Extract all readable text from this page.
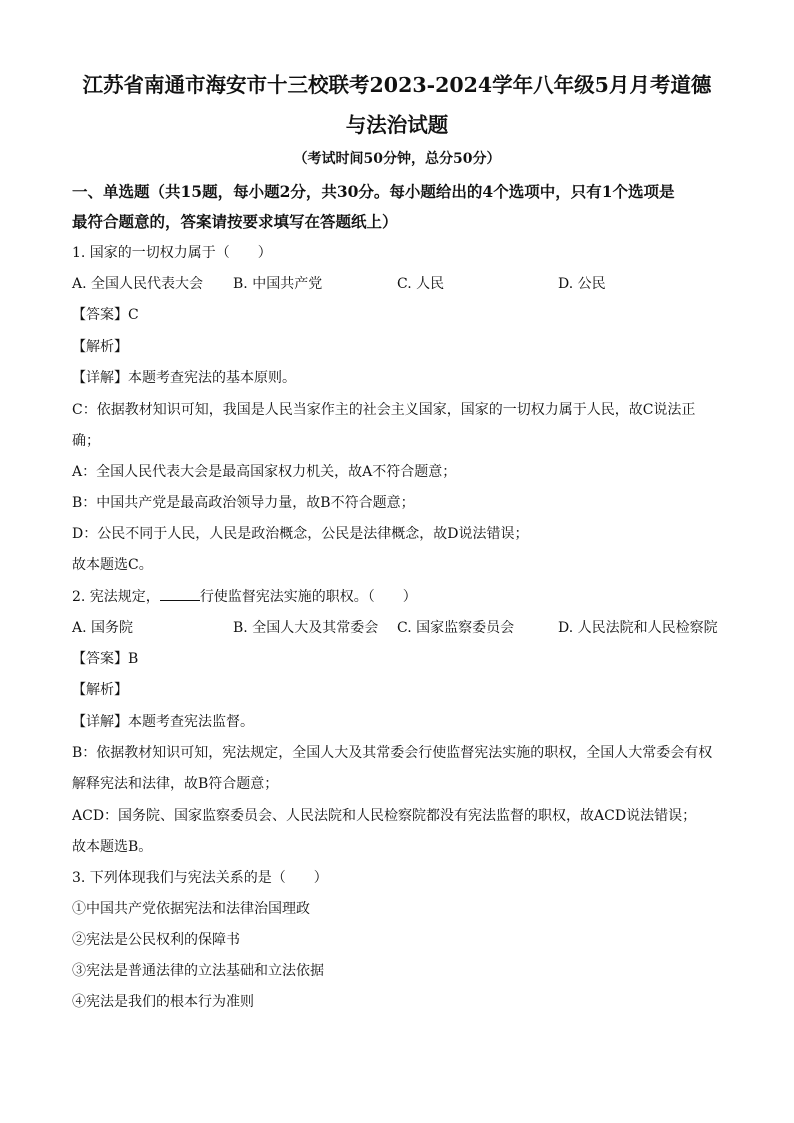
江苏省南通市海安市十三校联考2023-2024学年八年级5月月考道德
与法治试题
（考试时间50分钟，总分50分）
一、单选题（共15题，每小题2分，共30分。每小题给出的4个选项中，只有1个选项是
最符合题意的，答案请按要求填写在答题纸上）
1. 国家的一切权力属于（　　）
A. 全国人民代表大会 B. 中国共产党	C. 人民	D. 公民
【答案】C
【解析】
【详解】本题考查宪法的基本原则。
C：依据教材知识可知，我国是人民当家作主的社会主义国家，国家的一切权力属于人民，故C说法正
确；
A：全国人民代表大会是最高国家权力机关，故A不符合题意；
B：中国共产党是最高政治领导力量，故B不符合题意；
D：公民不同于人民，人民是政治概念，公民是法律概念，故D说法错误；
故本题选C。
2. 宪法规定，	行使监督宪法实施的职权。（　　）
A. 国务院	B. 全国人大及其常委会 C. 国家监察委员会	D. 人民法院和人民检察院
【答案】B
【解析】
【详解】本题考查宪法监督。
B：依据教材知识可知，宪法规定，全国人大及其常委会行使监督宪法实施的职权，全国人大常委会有权
解释宪法和法律，故B符合题意；
ACD：国务院、国家监察委员会、人民法院和人民检察院都没有宪法监督的职权，故ACD说法错误；
故本题选B。
3. 下列体现我们与宪法关系的是（　　）
①中国共产党依据宪法和法律治国理政
②宪法是公民权利的保障书
③宪法是普通法律的立法基础和立法依据
④宪法是我们的根本行为准则
